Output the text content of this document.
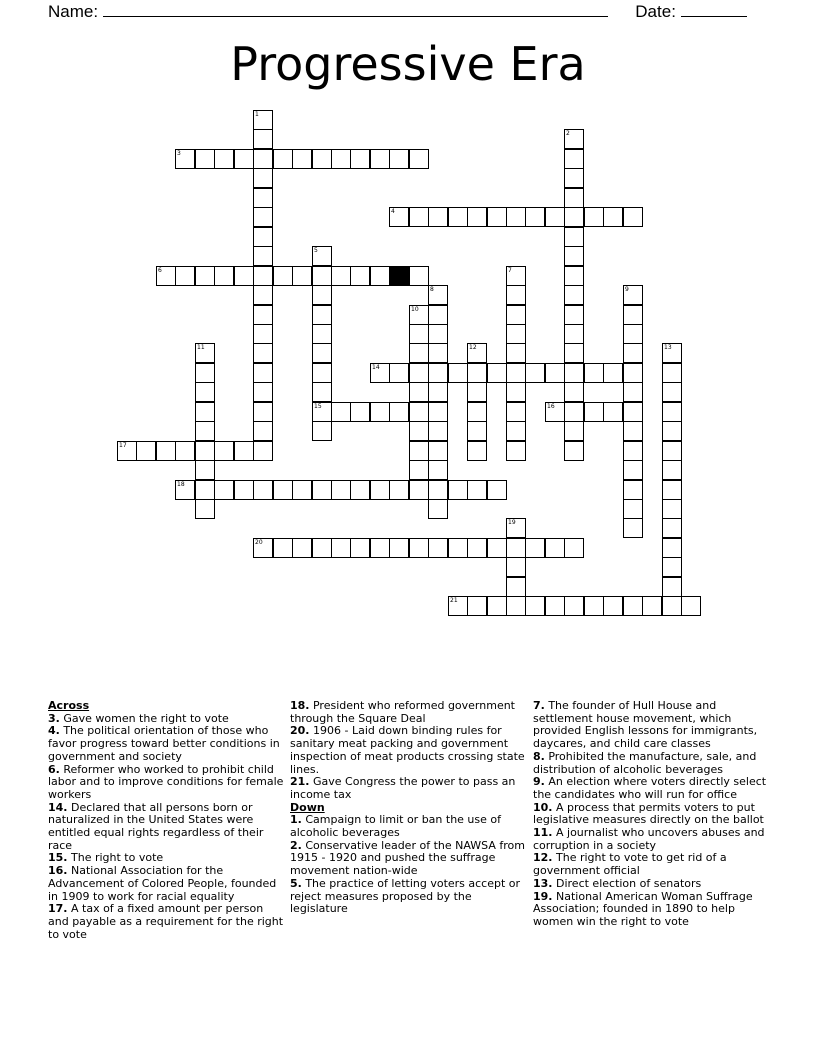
Name:	Date:
Progressive Era
1
2
3
4
5
15
6	7
8	9
10
11	12	13
14
16
17
18
19
20
21
Across
3. Gave women the right to vote
4. The political orientation of those who favor progress toward better conditions in government and society
6. Reformer who worked to prohibit child labor and to improve conditions for female workers
14. Declared that all persons born or naturalized in the United States were entitled equal rights regardless of their race
15. The right to vote
16. National Association for the Advancement of Colored People, founded in 1909 to work for racial equality
17. A tax of a fixed amount per person and payable as a requirement for the right to vote
18. President who reformed government through the Square Deal
20. 1906 - Laid down binding rules for sanitary meat packing and government inspection of meat products crossing state lines.
21. Gave Congress the power to pass an income tax
Down
1. Campaign to limit or ban the use of alcoholic beverages
2. Conservative leader of the NAWSA from 1915 - 1920 and pushed the suffrage movement nation-wide
5. The practice of letting voters accept or reject measures proposed by the legislature
7. The founder of Hull House and settlement house movement, which provided English lessons for immigrants, daycares, and child care classes
8. Prohibited the manufacture, sale, and distribution of alcoholic beverages
9. An election where voters directly select the candidates who will run for office
10. A process that permits voters to put legislative measures directly on the ballot
11. A journalist who uncovers abuses and corruption in a society
12. The right to vote to get rid of a government official
13. Direct election of senators
19. National American Woman Suffrage Association; founded in 1890 to help women win the right to vote
